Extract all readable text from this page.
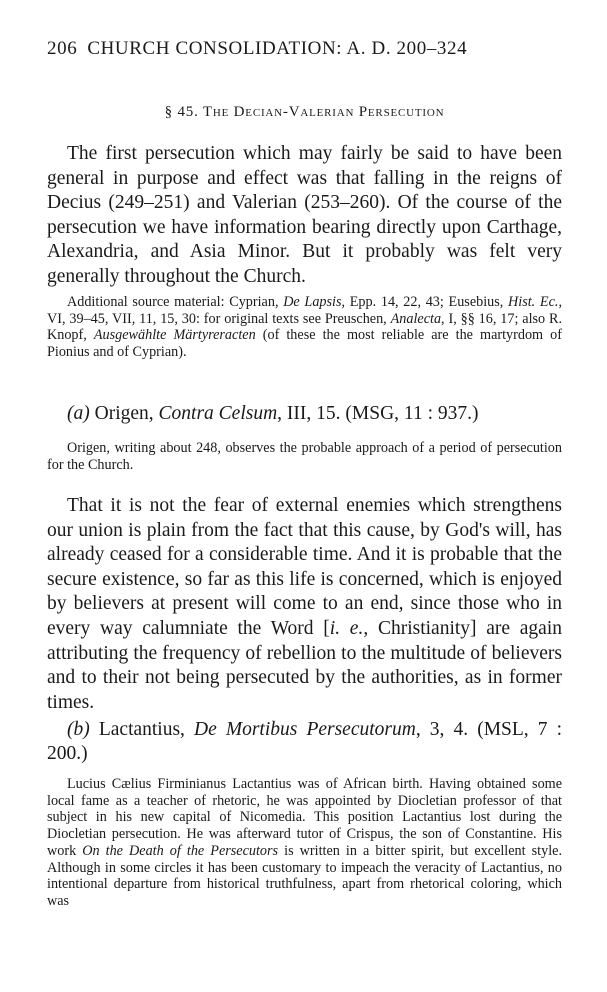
206 CHURCH CONSOLIDATION: A. D. 200–324
§ 45. The Decian-Valerian Persecution
The first persecution which may fairly be said to have been general in purpose and effect was that falling in the reigns of Decius (249–251) and Valerian (253–260). Of the course of the persecution we have information bearing directly upon Carthage, Alexandria, and Asia Minor. But it probably was felt very generally throughout the Church.
Additional source material: Cyprian, De Lapsis, Epp. 14, 22, 43; Eusebius, Hist. Ec., VI, 39–45, VII, 11, 15, 30: for original texts see Preuschen, Analecta, I, §§ 16, 17; also R. Knopf, Ausgewählte Märtyreracten (of these the most reliable are the martyrdom of Pionius and of Cyprian).
(a) Origen, Contra Celsum, III, 15. (MSG, 11 : 937.)
Origen, writing about 248, observes the probable approach of a period of persecution for the Church.
That it is not the fear of external enemies which strengthens our union is plain from the fact that this cause, by God's will, has already ceased for a considerable time. And it is probable that the secure existence, so far as this life is concerned, which is enjoyed by believers at present will come to an end, since those who in every way calumniate the Word [i. e., Christianity] are again attributing the frequency of rebellion to the multitude of believers and to their not being persecuted by the authorities, as in former times.
(b) Lactantius, De Mortibus Persecutorum, 3, 4. (MSL, 7 : 200.)
Lucius Cælius Firminianus Lactantius was of African birth. Having obtained some local fame as a teacher of rhetoric, he was appointed by Diocletian professor of that subject in his new capital of Nicomedia. This position Lactantius lost during the Diocletian persecution. He was afterward tutor of Crispus, the son of Constantine. His work On the Death of the Persecutors is written in a bitter spirit, but excellent style. Although in some circles it has been customary to impeach the veracity of Lactantius, no intentional departure from historical truthfulness, apart from rhetorical coloring, which was
